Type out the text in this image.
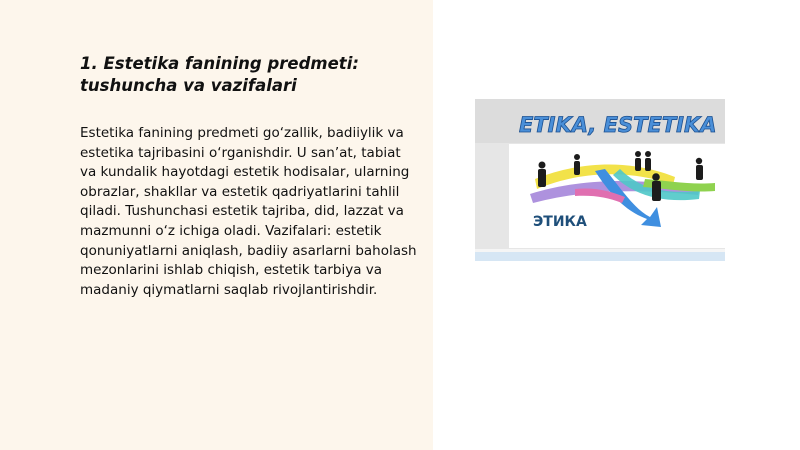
1. Estetika fanining predmeti:
tushuncha va vazifalari

Estetika fanining predmeti go‘zallik, badiiylik va estetika tajribasini o‘rganishdir. U san’at, tabiat va kundalik hayotdagi estetik hodisalar, ularning obrazlar, shakllar va estetik qadriyatlarini tahlil qiladi. Tushunchasi estetik tajriba, did, lazzat va mazmunni o‘z ichiga oladi. Vazifalari: estetik qonuniyatlarni aniqlash, badiiy asarlarni baholash mezonlarini ishlab chiqish, estetik tarbiya va madaniy qiymatlarni saqlab rivojlantirishdir.

ETIKA, ESTETIKA
ЭТИКА
